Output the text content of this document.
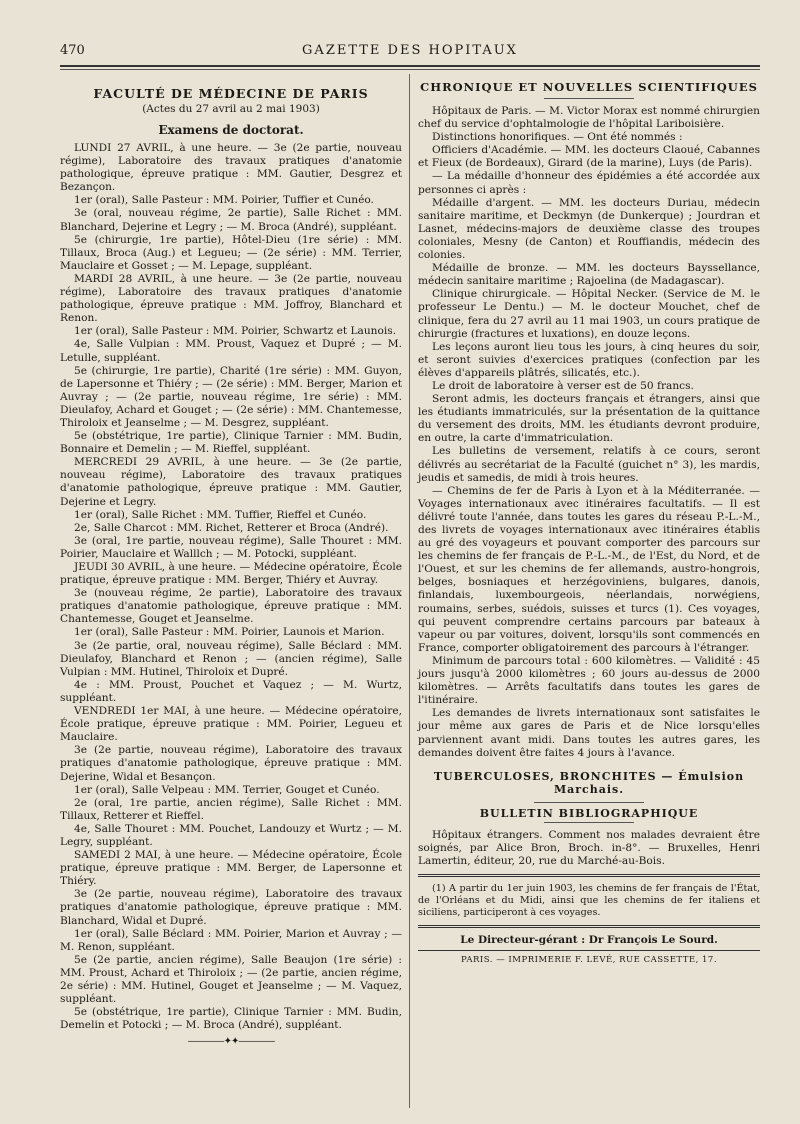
470	GAZETTE DES HOPITAUX
FACULTÉ DE MÉDECINE DE PARIS
(Actes du 27 avril au 2 mai 1903)
Examens de doctorat.

LUNDI 27 AVRIL, à une heure. — 3e (2e partie, nouveau régime), Laboratoire des travaux pratiques d'anatomie pathologique, épreuve pratique : MM. Gautier, Desgrez et Bezançon.

1er (oral), Salle Pasteur : MM. Poirier, Tuffier et Cunéo.

3e (oral, nouveau régime, 2e partie), Salle Richet : MM. Blanchard, Dejerine et Legry ; — M. Broca (André), suppléant.

5e (chirurgie, 1re partie), Hôtel-Dieu (1re série) : MM. Tillaux, Broca (Aug.) et Legueu; — (2e série) : MM. Terrier, Mauclaire et Gosset ; — M. Lepage, suppléant.

MARDI 28 AVRIL, à une heure. — 3e (2e partie, nouveau régime), Laboratoire des travaux pratiques d'anatomie pathologique, épreuve pratique : MM. Joffroy, Blanchard et Renon.

1er (oral), Salle Pasteur : MM. Poirier, Schwartz et Launois.

4e, Salle Vulpian : MM. Proust, Vaquez et Dupré ; — M. Letulle, suppléant.

5e (chirurgie, 1re partie), Charité (1re série) : MM. Guyon, de Lapersonne et Thiéry ; — (2e série) : MM. Berger, Marion et Auvray ; — (2e partie, nouveau régime, 1re série) : MM. Dieulafoy, Achard et Gouget ; — (2e série) : MM. Chantemesse, Thiroloix et Jeanselme ; — M. Desgrez, suppléant.

5e (obstétrique, 1re partie), Clinique Tarnier : MM. Budin, Bonnaire et Demelin ; — M. Rieffel, suppléant.

MERCREDI 29 AVRIL, à une heure. — 3e (2e partie, nouveau régime), Laboratoire des travaux pratiques d'anatomie pathologique, épreuve pratique : MM. Gautier, Dejerine et Legry.

1er (oral), Salle Richet : MM. Tuffier, Rieffel et Cunéo.

2e, Salle Charcot : MM. Richet, Retterer et Broca (André).

3e (oral, 1re partie, nouveau régime), Salle Thouret : MM. Poirier, Mauclaire et Walllch ; — M. Potocki, suppléant.

JEUDI 30 AVRIL, à une heure. — Médecine opératoire, École pratique, épreuve pratique : MM. Berger, Thiéry et Auvray.

3e (nouveau régime, 2e partie), Laboratoire des travaux pratiques d'anatomie pathologique, épreuve pratique : MM. Chantemesse, Gouget et Jeanselme.

1er (oral), Salle Pasteur : MM. Poirier, Launois et Marion.

3e (2e partie, oral, nouveau régime), Salle Béclard : MM. Dieulafoy, Blanchard et Renon ; — (ancien régime), Salle Vulpian : MM. Hutinel, Thiroloix et Dupré.

4e : MM. Proust, Pouchet et Vaquez ; — M. Wurtz, suppléant.

VENDREDI 1er MAI, à une heure. — Médecine opératoire, École pratique, épreuve pratique : MM. Poirier, Legueu et Mauclaire.

3e (2e partie, nouveau régime), Laboratoire des travaux pratiques d'anatomie pathologique, épreuve pratique : MM. Dejerine, Widal et Besançon.

1er (oral), Salle Velpeau : MM. Terrier, Gouget et Cunéo.

2e (oral, 1re partie, ancien régime), Salle Richet : MM. Tillaux, Retterer et Rieffel.

4e, Salle Thouret : MM. Pouchet, Landouzy et Wurtz ; — M. Legry, suppléant.

SAMEDI 2 MAI, à une heure. — Médecine opératoire, École pratique, épreuve pratique : MM. Berger, de Lapersonne et Thiéry.

3e (2e partie, nouveau régime), Laboratoire des travaux pratiques d'anatomie pathologique, épreuve pratique : MM. Blanchard, Widal et Dupré.

1er (oral), Salle Béclard : MM. Poirier, Marion et Auvray ; — M. Renon, suppléant.

5e (2e partie, ancien régime), Salle Beaujon (1re série) : MM. Proust, Achard et Thiroloix ; — (2e partie, ancien régime, 2e série) : MM. Hutinel, Gouget et Jeanselme ; — M. Vaquez, suppléant.

5e (obstétrique, 1re partie), Clinique Tarnier : MM. Budin, Demelin et Potocki ; — M. Broca (André), suppléant.

————✦✦————
CHRONIQUE ET NOUVELLES SCIENTIFIQUES

Hôpitaux de Paris. — M. Victor Morax est nommé chirurgien chef du service d'ophtalmologie de l'hôpital Lariboisière.

Distinctions honorifiques. — Ont été nommés :

Officiers d'Académie. — MM. les docteurs Claoué, Cabannes et Fieux (de Bordeaux), Girard (de la marine), Luys (de Paris).

— La médaille d'honneur des épidémies a été accordée aux personnes ci après :

Médaille d'argent. — MM. les docteurs Duriau, médecin sanitaire maritime, et Deckmyn (de Dunkerque) ; Jourdran et Lasnet, médecins-majors de deuxième classe des troupes coloniales, Mesny (de Canton) et Rouffiandis, médecin des colonies.

Médaille de bronze. — MM. les docteurs Bayssellance, médecin sanitaire maritime ; Rajoelina (de Madagascar).

Clinique chirurgicale. — Hôpital Necker. (Service de M. le professeur Le Dentu.) — M. le docteur Mouchet, chef de clinique, fera du 27 avril au 11 mai 1903, un cours pratique de chirurgie (fractures et luxations), en douze leçons.

Les leçons auront lieu tous les jours, à cinq heures du soir, et seront suivies d'exercices pratiques (confection par les élèves d'appareils plâtrés, silicatés, etc.).

Le droit de laboratoire à verser est de 50 francs.

Seront admis, les docteurs français et étrangers, ainsi que les étudiants immatriculés, sur la présentation de la quittance du versement des droits, MM. les étudiants devront produire, en outre, la carte d'immatriculation.

Les bulletins de versement, relatifs à ce cours, seront délivrés au secrétariat de la Faculté (guichet n° 3), les mardis, jeudis et samedis, de midi à trois heures.

— Chemins de fer de Paris à Lyon et à la Méditerranée. — Voyages internationaux avec itinéraires facultatifs. — Il est délivré toute l'année, dans toutes les gares du réseau P.-L.-M., des livrets de voyages internationaux avec itinéraires établis au gré des voyageurs et pouvant comporter des parcours sur les chemins de fer français de P.-L.-M., de l'Est, du Nord, et de l'Ouest, et sur les chemins de fer allemands, austro-hongrois, belges, bosniaques et herzégoviniens, bulgares, danois, finlandais, luxembourgeois, néerlandais, norwégiens, roumains, serbes, suédois, suisses et turcs (1). Ces voyages, qui peuvent comprendre certains parcours par bateaux à vapeur ou par voitures, doivent, lorsqu'ils sont commencés en France, comporter obligatoirement des parcours à l'étranger.

Minimum de parcours total : 600 kilomètres. — Validité : 45 jours jusqu'à 2000 kilomètres ; 60 jours au-dessus de 2000 kilomètres. — Arrêts facultatifs dans toutes les gares de l'itinéraire.

Les demandes de livrets internationaux sont satisfaites le jour même aux gares de Paris et de Nice lorsqu'elles parviennent avant midi. Dans toutes les autres gares, les demandes doivent être faites 4 jours à l'avance.

TUBERCULOSES, BRONCHITES — Émulsion Marchais.
BULLETIN BIBLIOGRAPHIQUE

Hôpitaux étrangers. Comment nos malades devraient être soignés, par Alice Bron, Broch. in-8°. — Bruxelles, Henri Lamertin, éditeur, 20, rue du Marché-au-Bois.

(1) A partir du 1er juin 1903, les chemins de fer français de l'État, de l'Orléans et du Midi, ainsi que les chemins de fer italiens et siciliens, participeront à ces voyages.

Le Directeur-gérant : Dr François Le Sourd.
PARIS. — IMPRIMERIE F. LEVÉ, RUE CASSETTE, 17.
